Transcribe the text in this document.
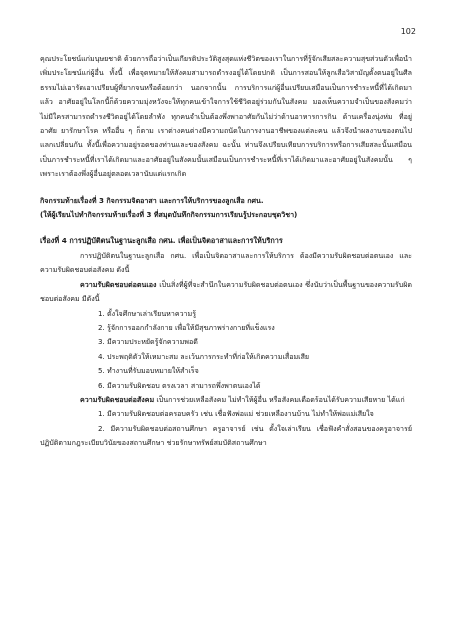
102

คุณประโยชน์แก่มนุษยชาติ ด้วยการถือว่าเป็นเกียรติประวัติสูงสุดแห่งชีวิตของเราในการที่รู้จักเสียสละความสุขส่วนตัวเพื่อนำเพิ่มประโยชน์แก่ผู้อื่น ทั้งนี้ เพื่อจุดหมายให้สังคมสามารถดำรงอยู่ได้โดยปกติ เป็นการสอนให้ลูกเสือวิสามัญตั้งตนอยู่ในศีลธรรมไม่เอารัดเอาเปรียบผู้ที่ยากจนหรือด้อยกว่า นอกจากนั้น การบริการแก่ผู้อื่นเปรียบเสมือนเป็นการชำระหนี้ที่ได้เกิดมาแล้ว อาศัยอยู่ในโลกนี้ก็ด้วยความมุ่งหวังจะให้ทุกคนเข้าใจการใช้ชีวิตอยู่ร่วมกันในสังคม มองเห็นความจำเป็นของสังคมว่าไม่มีใครสามารถดำรงชีวิตอยู่ได้โดยลำพัง ทุกคนจำเป็นต้องพึ่งพาอาศัยกันไม่ว่าด้านอาหารการกิน ด้านเครื่องนุ่งห่ม ที่อยู่อาศัย ยารักษาโรค หรืออื่น ๆ ก็ตาม เราต่างคนต่างมีความถนัดในการงานอาชีพของแต่ละคน แล้วจึงนำผลงานของตนไปแลกเปลี่ยนกัน ทั้งนี้เพื่อความอยู่รอดของท่านและของสังคม ฉะนั้น ท่านจึงเปรียบเทียบการบริการหรือการเสียสละนั้นเสมือนเป็นการชำระหนี้ที่เราได้เกิดมาและอาศัยอยู่ในสังคมนั้นเสมือนเป็นการชำระหนี้ที่เราได้เกิดมาและอาศัยอยู่ในสังคมนั้น ๆ เพราะเราต้องพึ่งผู้อื่นอยู่ตลอดเวลานับแต่แรกเกิด

กิจกรรมท้ายเรื่องที่ 3 กิจกรรมจิตอาสา และการให้บริการของลูกเสือ กศน.

(ให้ผู้เรียนไปทำกิจกรรมท้ายเรื่องที่ 3 ที่สมุดบันทึกกิจกรรมการเรียนรู้ประกอบชุดวิชา)

เรื่องที่ 4 การปฏิบัติตนในฐานะลูกเสือ กศน. เพื่อเป็นจิตอาสาและการให้บริการ

การปฏิบัติตนในฐานะลูกเสือ กศน. เพื่อเป็นจิตอาสาและการให้บริการ ต้องมีความรับผิดชอบต่อตนเอง และความรับผิดชอบต่อสังคม ดังนี้

ความรับผิดชอบต่อตนเอง เป็นสิ่งที่ผู้ที่จะสำนึกในความรับผิดชอบต่อตนเอง ซึ่งนับว่าเป็นพื้นฐานของความรับผิดชอบต่อสังคม มีดังนี้

1. ตั้งใจศึกษาเล่าเรียนหาความรู้
2. รู้จักการออกกำลังกาย เพื่อให้มีสุขภาพร่างกายที่แข็งแรง
3. มีความประหยัดรู้จักความพอดี
4. ประพฤติตัวให้เหมาะสม ละเว้นการกระทำที่ก่อให้เกิดความเสื่อมเสีย
5. ทำงานที่รับมอบหมายให้สำเร็จ
6. มีความรับผิดชอบ ตรงเวลา สามารถพึ่งพาตนเองได้

ความรับผิดชอบต่อสังคม เป็นการช่วยเหลือสังคม ไม่ทำให้ผู้อื่น หรือสังคมเดือดร้อนได้รับความเสียหาย ได้แก่

1. มีความรับผิดชอบต่อครอบครัว เช่น เชื่อฟังพ่อแม่ ช่วยเหลืองานบ้าน ไม่ทำให้พ่อแม่เสียใจ

2. มีความรับผิดชอบต่อสถานศึกษา ครูอาจารย์ เช่น ตั้งใจเล่าเรียน เชื่อฟังคำสั่งสอนของครูอาจารย์ ปฏิบัติตามกฎระเบียบวินัยของสถานศึกษา ช่วยรักษาทรัพย์สมบัติสถานศึกษา
